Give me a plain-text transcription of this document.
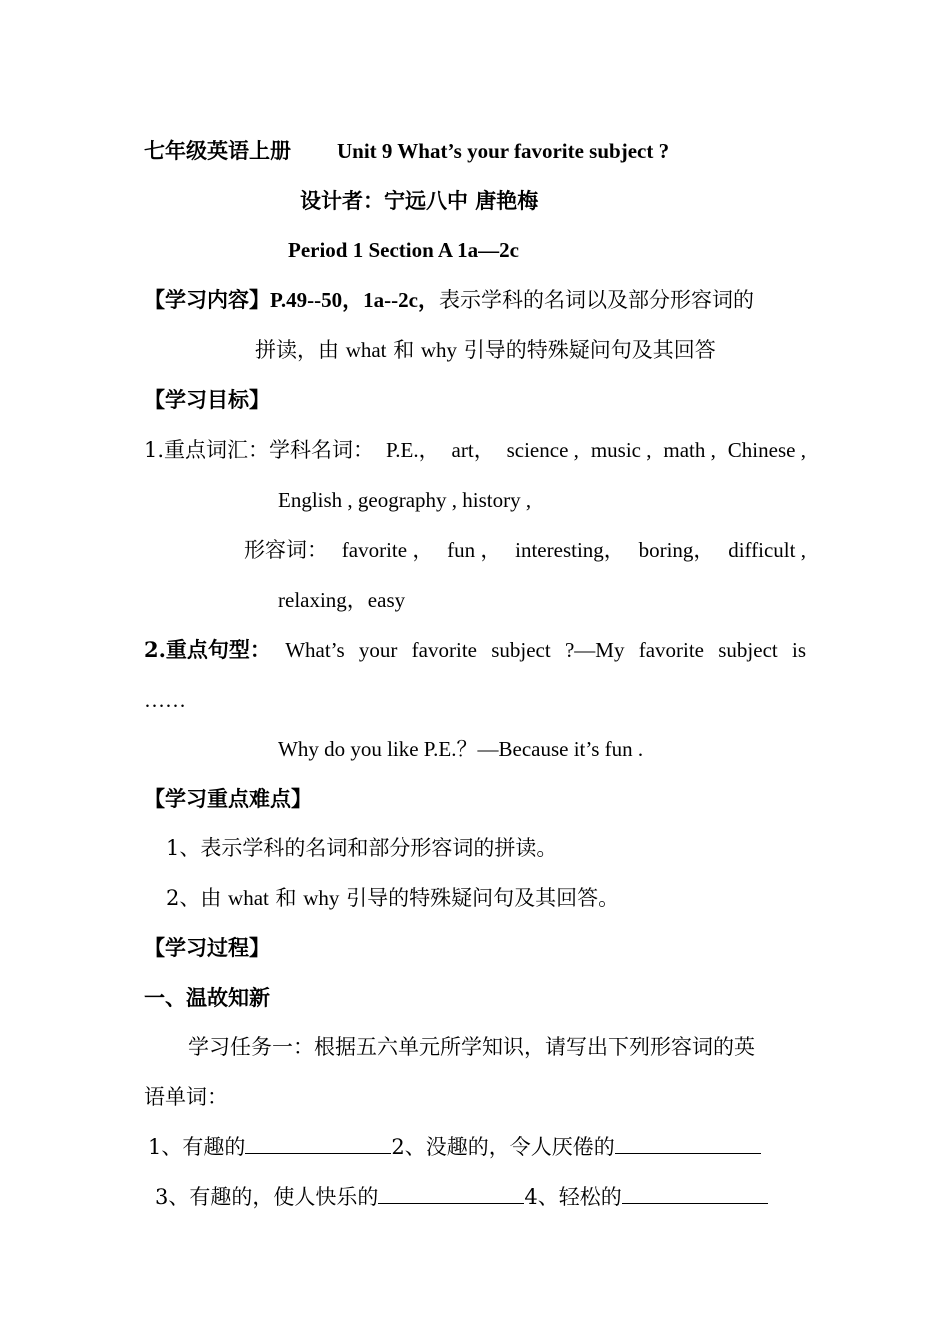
七年级英语上册 Unit 9 What’s your favorite subject ?
设计者：宁远八中 唐艳梅
Period 1 Section A 1a—2c
【学习内容】P.49--50，1a--2c，表示学科的名词以及部分形容词的
拼读，由 what 和 why 引导的特殊疑问句及其回答
【学习目标】
1.重点词汇：学科名词： P.E.， art， science , music , math , Chinese ,
English , geography , history ,
形容词： favorite ， fun ， interesting， boring， difficult ,
relaxing，easy
2.重点句型： What’s your favorite subject ?—My favorite subject is
……
Why do you like P.E.？—Because it’s fun .
【学习重点难点】
1、表示学科的名词和部分形容词的拼读。
2、由 what 和 why 引导的特殊疑问句及其回答。
【学习过程】
一、温故知新
学习任务一：根据五六单元所学知识，请写出下列形容词的英
语单词：
1、有趣的	2、没趣的，令人厌倦的
3、有趣的，使人快乐的	4、轻松的
